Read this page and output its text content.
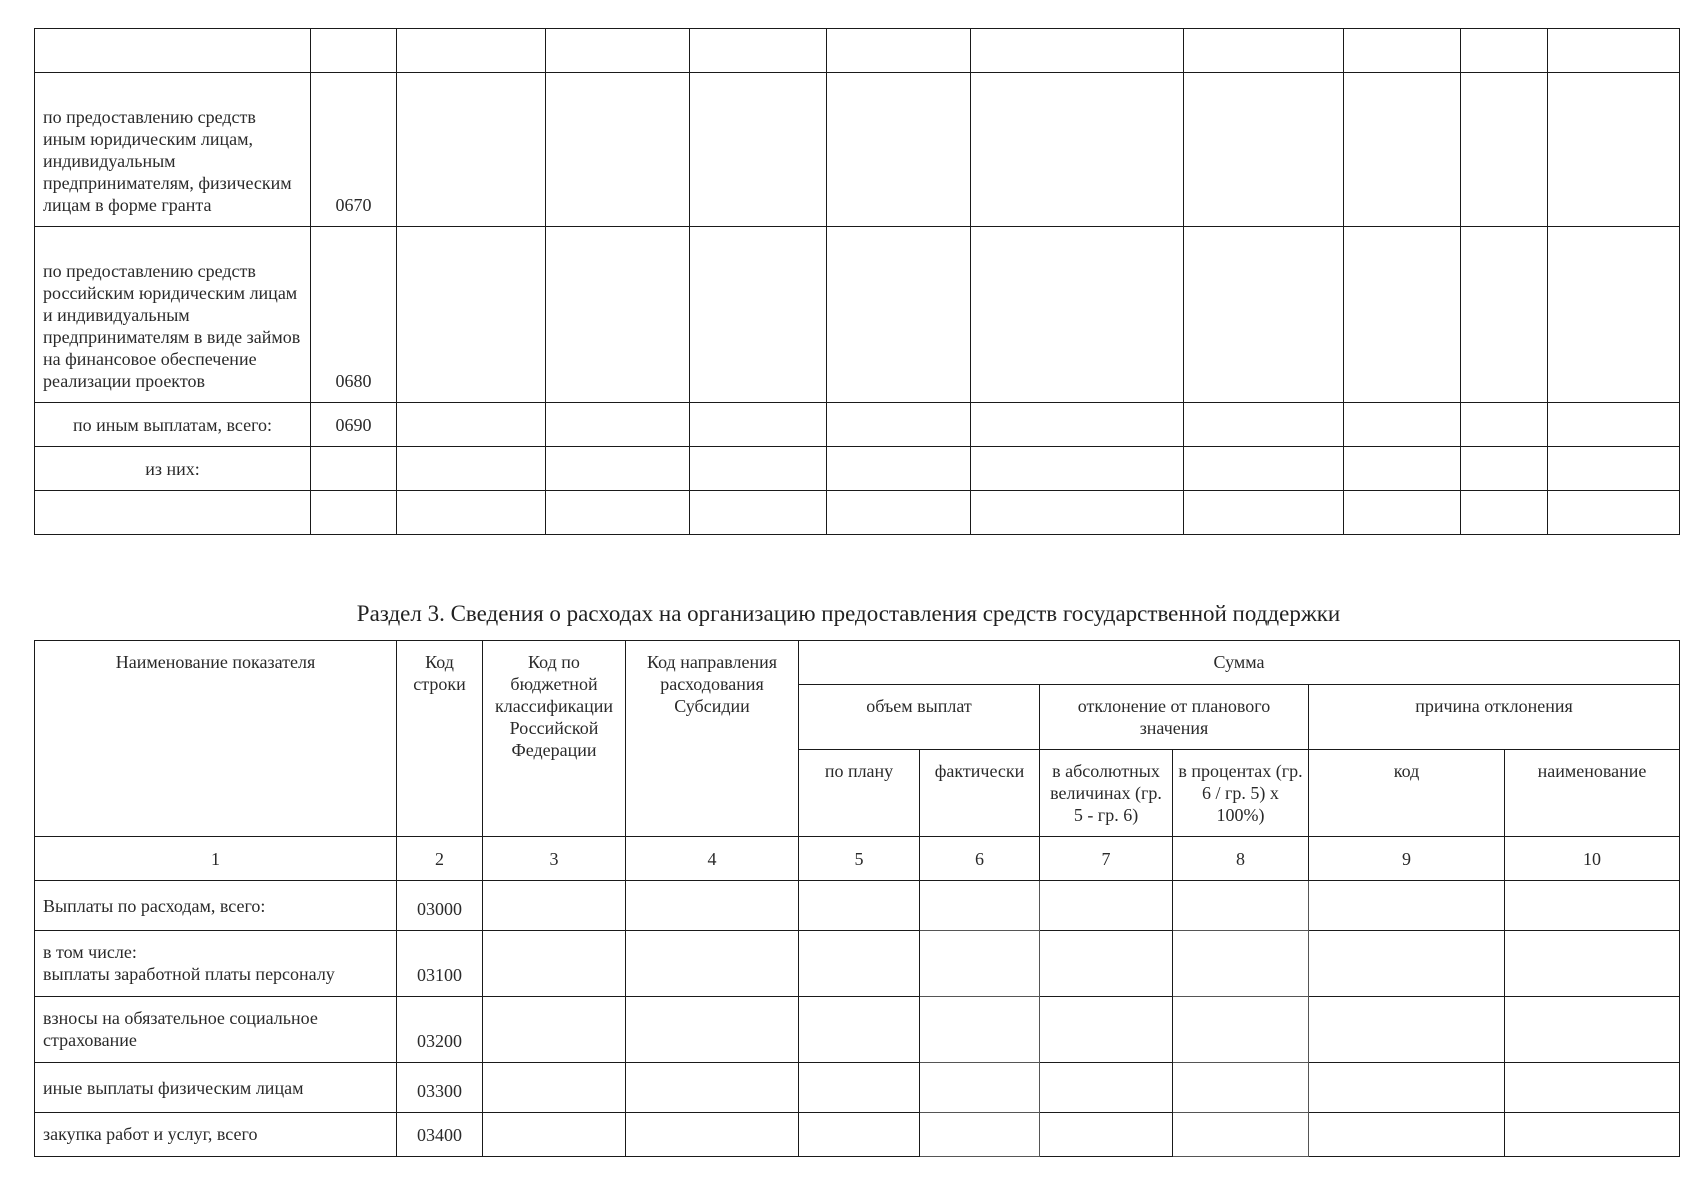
по предоставлению средств иным юридическим лицам, индивидуальным предпринимателям, физическим лицам в форме гранта	0670									
по предоставлению средств российским юридическим лицам и индивидуальным предпринимателям в виде займов на финансовое обеспечение реализации проектов	0680									
по иным выплатам, всего:	0690									
из них:										

Раздел 3. Сведения о расходах на организацию предоставления средств государственной поддержки
Наименование показателя	Код строки	Код по бюджетной классификации Российской Федерации	Код направления расходования Субсидии	Сумма					
				объем выплат		отклонение от планового значения		причина отклонения	
				по плану	фактически	в абсолютных величинах (гр. 5 - гр. 6)	в процентах (гр. 6 / гр. 5) х 100%)	код	наименование
1	2	3	4	5	6	7	8	9	10
Выплаты по расходам, всего:	03000								
в том числе:
выплаты заработной платы персоналу	03100								
взносы на обязательное социальное страхование	03200								
иные выплаты физическим лицам	03300								
закупка работ и услуг, всего	03400								
